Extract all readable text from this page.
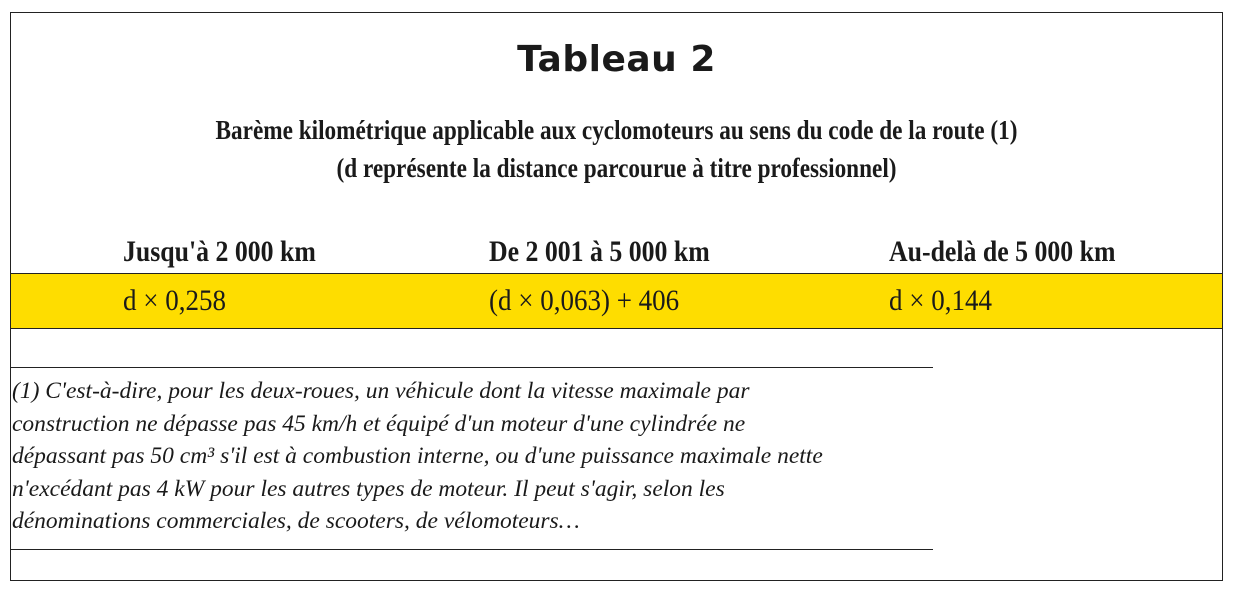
Tableau 2
Barème kilométrique applicable aux cyclomoteurs au sens du code de la route (1)
(d représente la distance parcourue à titre professionnel)
Jusqu'à 2 000 km	De 2 001 à 5 000 km	Au-delà de 5 000 km
d × 0,258	(d × 0,063) + 406	d × 0,144
(1) C'est-à-dire, pour les deux-roues, un véhicule dont la vitesse maximale par
construction ne dépasse pas 45 km/h et équipé d'un moteur d'une cylindrée ne
dépassant pas 50 cm³ s'il est à combustion interne, ou d'une puissance maximale nette
n'excédant pas 4 kW pour les autres types de moteur. Il peut s'agir, selon les
dénominations commerciales, de scooters, de vélomoteurs…
